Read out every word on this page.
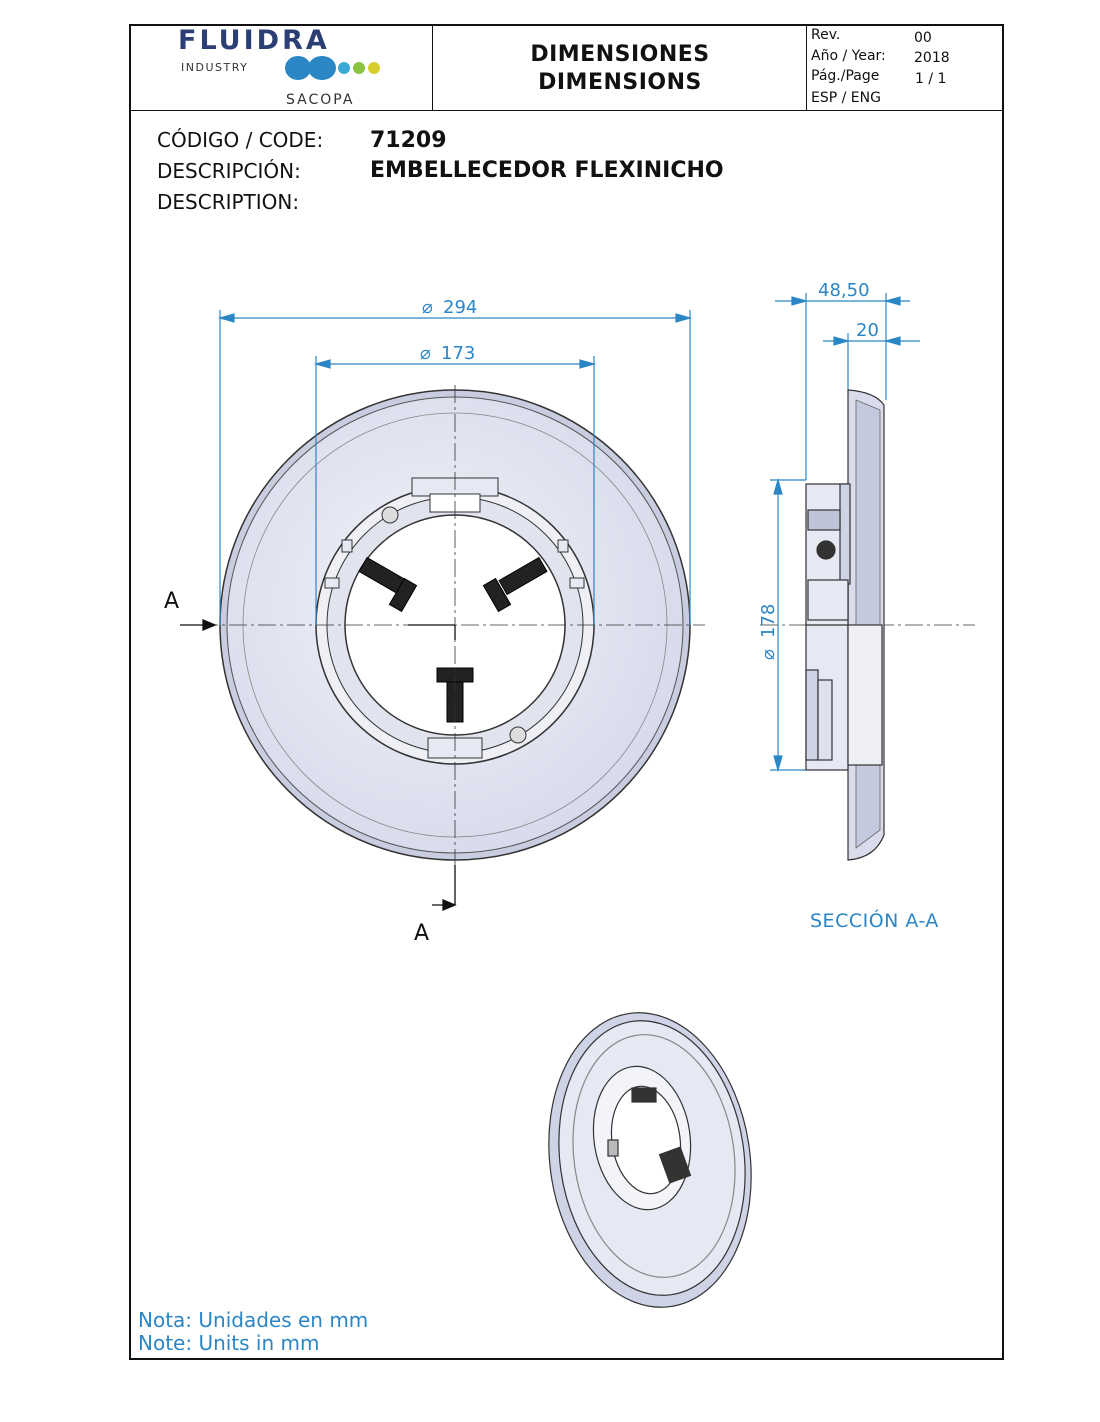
FLUIDRA
INDUSTRY
SACOPA
DIMENSIONES
DIMENSIONS
Rev.	00
Año / Year: 2018
Pág./Page	1 / 1
ESP / ENG
CÓDIGO / CODE: 71209
DESCRIPCIÓN:	EMBELLECEDOR FLEXINICHO
DESCRIPTION:
⌀ 294
⌀ 173
48,50
20
⌀
178
A
A	SECCIÓN A-A
Nota: Unidades en mm
Note: Units in mm
